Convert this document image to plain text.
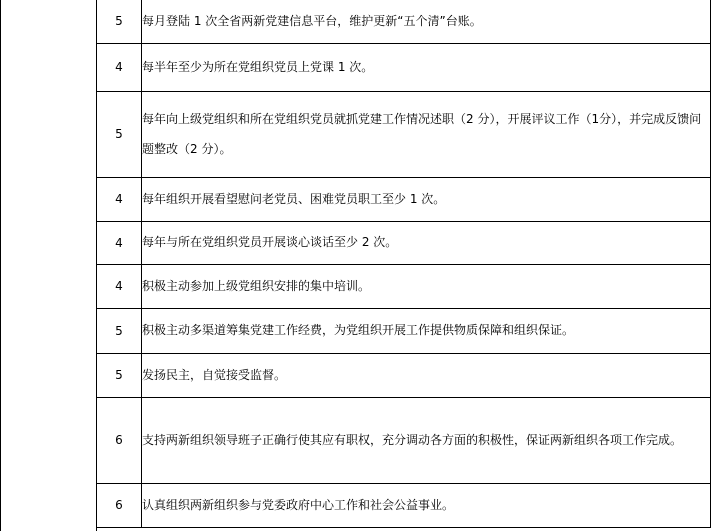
5	每月登陆 1 次全省两新党建信息平台，维护更新“五个清”台账。
4	每半年至少为所在党组织党员上党课 1 次。
5	每年向上级党组织和所在党组织党员就抓党建工作情况述职（2 分），开展评议工作（1分），并完成反馈问题整改（2 分）。
4	每年组织开展看望慰问老党员、困难党员职工至少 1 次。
4	每年与所在党组织党员开展谈心谈话至少 2 次。
4	积极主动参加上级党组织安排的集中培训。
5	积极主动多渠道筹集党建工作经费，为党组织开展工作提供物质保障和组织保证。
5	发扬民主，自觉接受监督。
6	支持两新组织领导班子正确行使其应有职权，充分调动各方面的积极性，保证两新组织各项工作完成。
6	认真组织两新组织参与党委政府中心工作和社会公益事业。
